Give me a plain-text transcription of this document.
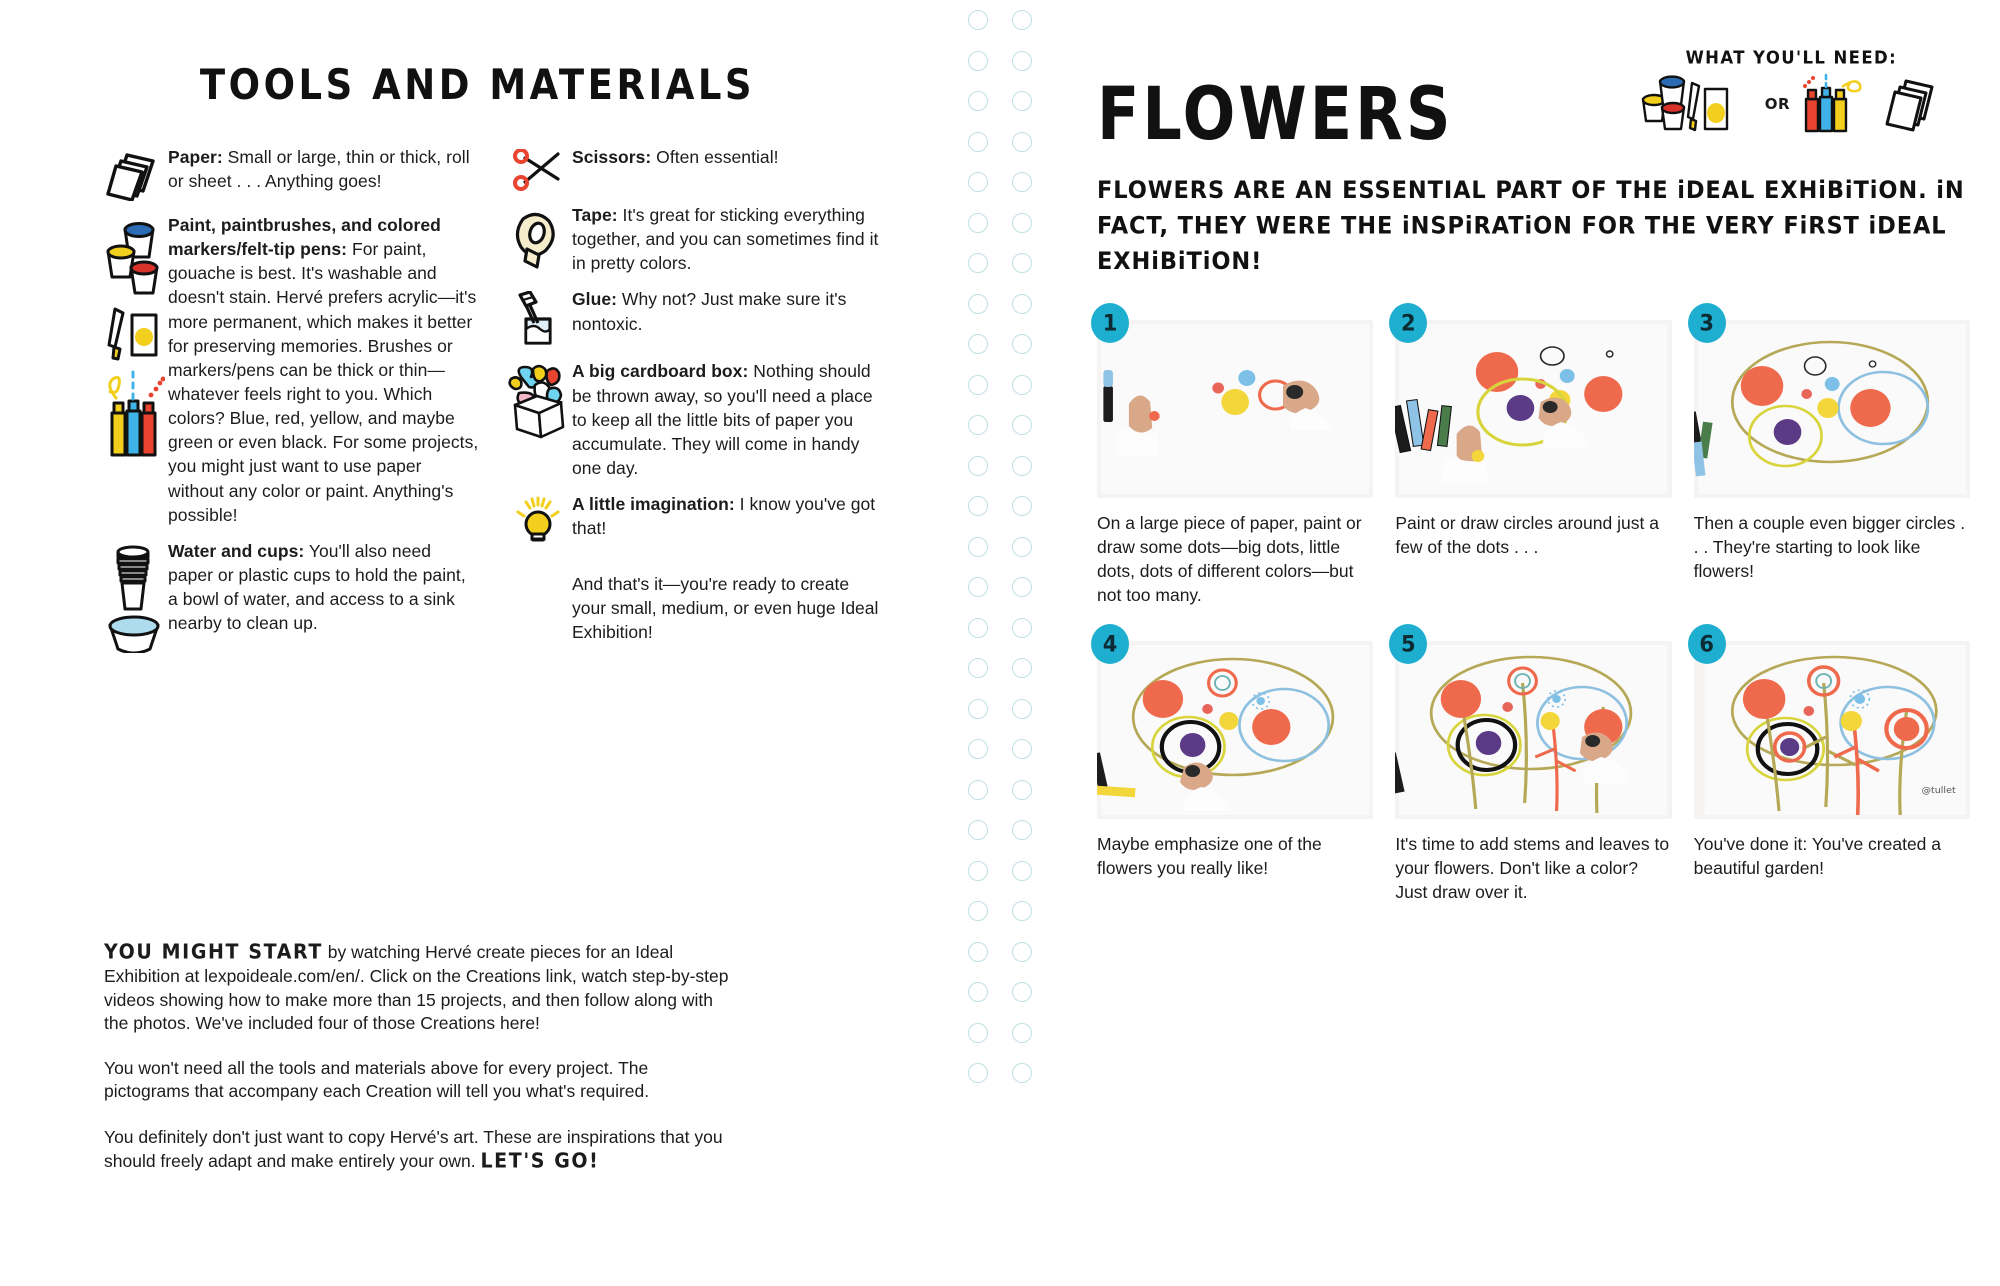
TOOLS AND MATERIALS
Paper: Small or large, thin or thick, roll or sheet . . . Anything goes!
Paint, paintbrushes, and colored markers/felt-tip pens: For paint, gouache is best. It's washable and doesn't stain. Hervé prefers acrylic—it's more permanent, which makes it better for preserving memories. Brushes or markers/pens can be thick or thin—whatever feels right to you. Which colors? Blue, red, yellow, and maybe green or even black. For some projects, you might just want to use paper without any color or paint. Anything's possible!
Water and cups: You'll also need paper or plastic cups to hold the paint, a bowl of water, and access to a sink nearby to clean up.
Scissors: Often essential!
Tape: It's great for sticking everything together, and you can sometimes find it in pretty colors.
Glue: Why not? Just make sure it's nontoxic.
A big cardboard box: Nothing should be thrown away, so you'll need a place to keep all the little bits of paper you accumulate. They will come in handy one day.
A little imagination: I know you've got that!
And that's it—you're ready to create your small, medium, or even huge Ideal Exhibition!

YOU MIGHT START by watching Hervé create pieces for an Ideal Exhibition at lexpoideale.com/en/. Click on the Creations link, watch step-by-step videos showing how to make more than 15 projects, and then follow along with the photos. We've included four of those Creations here!

You won't need all the tools and materials above for every project. The pictograms that accompany each Creation will tell you what's required.

You definitely don't just want to copy Hervé's art. These are inspirations that you should freely adapt and make entirely your own. LET'S GO!

FLOWERS
WHAT YOU'LL NEED:
OR

FLOWERS ARE AN ESSENTIAL PART OF THE iDEAL EXHiBiTiON. iN FACT, THEY WERE THE iNSPiRATiON FOR THE VERY FiRST iDEAL EXHiBiTiON!

1
On a large piece of paper, paint or draw some dots—big dots, little dots, dots of different colors—but not too many.
2
Paint or draw circles around just a few of the dots . . .
3
Then a couple even bigger circles . . . They're starting to look like flowers!
4
Maybe emphasize one of the flowers you really like!
5
It's time to add stems and leaves to your flowers. Don't like a color? Just draw over it.
6
@tullet
You've done it: You've created a beautiful garden!
